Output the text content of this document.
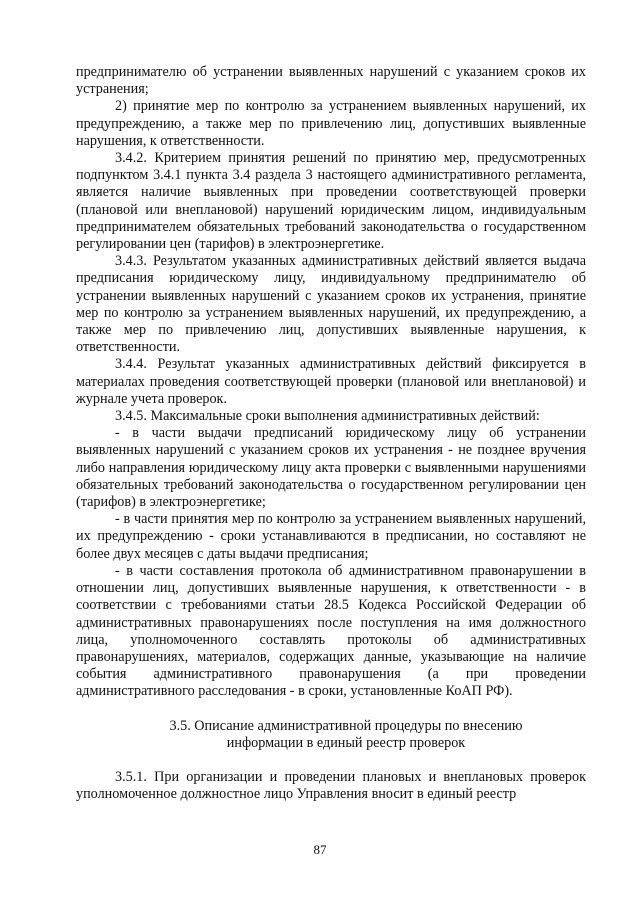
предпринимателю об устранении выявленных нарушений с указанием сроков их устранения;

2) принятие мер по контролю за устранением выявленных нарушений, их предупреждению, а также мер по привлечению лиц, допустивших выявленные нарушения, к ответственности.

3.4.2. Критерием принятия решений по принятию мер, предусмотренных подпунктом 3.4.1 пункта 3.4 раздела 3 настоящего административного регламента, является наличие выявленных при проведении соответствующей проверки (плановой или внеплановой) нарушений юридическим лицом, индивидуальным предпринимателем обязательных требований законодательства о государственном регулировании цен (тарифов) в электроэнергетике.

3.4.3. Результатом указанных административных действий является выдача предписания юридическому лицу, индивидуальному предпринимателю об устранении выявленных нарушений с указанием сроков их устранения, принятие мер по контролю за устранением выявленных нарушений, их предупреждению, а также мер по привлечению лиц, допустивших выявленные нарушения, к ответственности.

3.4.4. Результат указанных административных действий фиксируется в материалах проведения соответствующей проверки (плановой или внеплановой) и журнале учета проверок.

3.4.5. Максимальные сроки выполнения административных действий:

- в части выдачи предписаний юридическому лицу об устранении выявленных нарушений с указанием сроков их устранения - не позднее вручения либо направления юридическому лицу акта проверки с выявленными нарушениями обязательных требований законодательства о государственном регулировании цен (тарифов) в электроэнергетике;

- в части принятия мер по контролю за устранением выявленных нарушений, их предупреждению - сроки устанавливаются в предписании, но составляют не более двух месяцев с даты выдачи предписания;

- в части составления протокола об административном правонарушении в отношении лиц, допустивших выявленные нарушения, к ответственности - в соответствии с требованиями статьи 28.5 Кодекса Российской Федерации об административных правонарушениях после поступления на имя должностного лица, уполномоченного составлять протоколы об административных правонарушениях, материалов, содержащих данные, указывающие на наличие события административного правонарушения (а при проведении административного расследования - в сроки, установленные КоАП РФ).

3.5. Описание административной процедуры по внесению
информации в единый реестр проверок

3.5.1. При организации и проведении плановых и внеплановых проверок уполномоченное должностное лицо Управления вносит в единый реестр

87
